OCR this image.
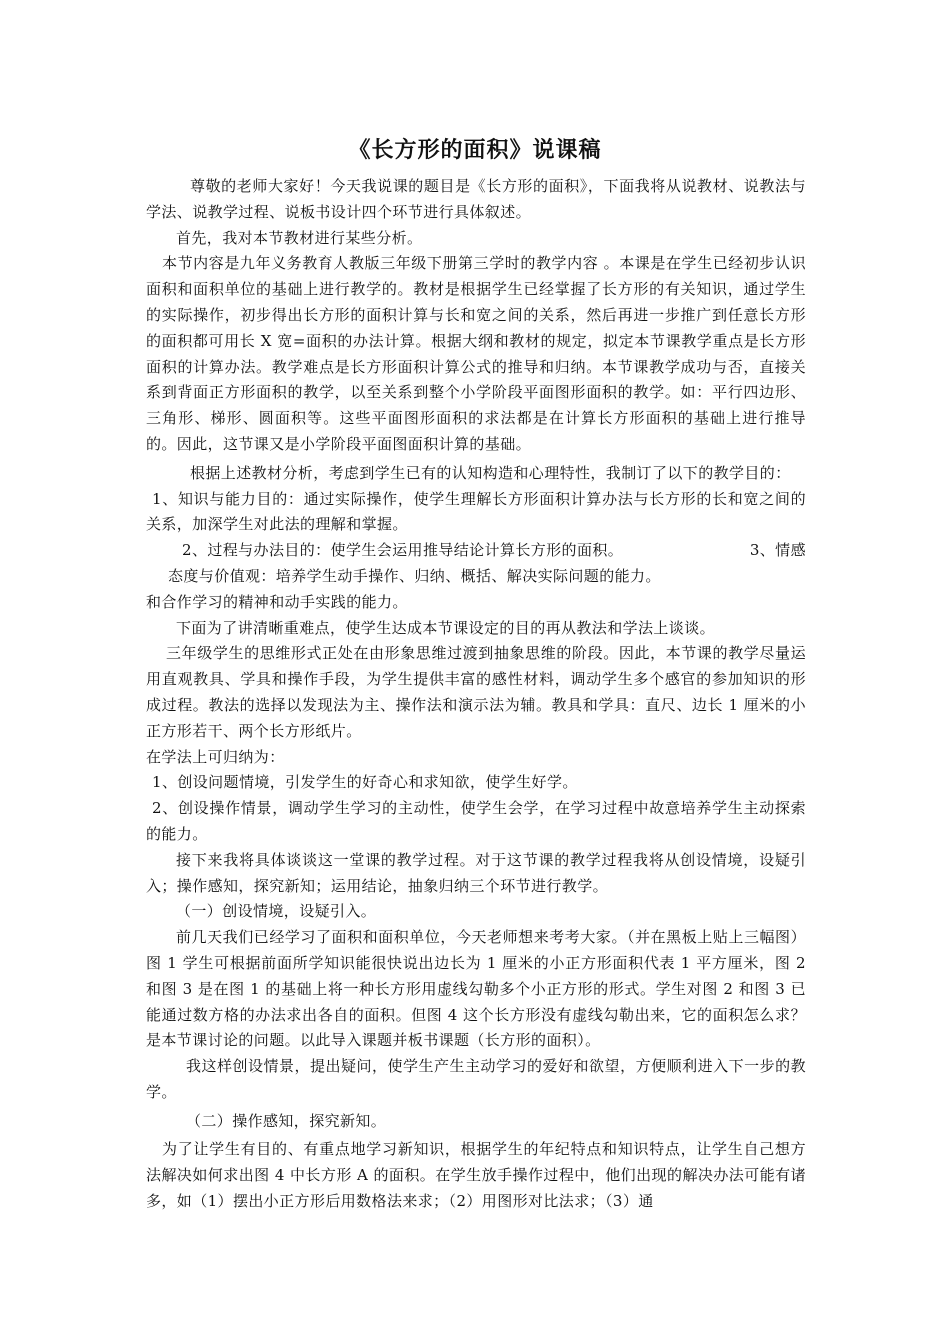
《长方形的面积》说课稿

尊敬的老师大家好！今天我说课的题目是《长方形的面积》，下面我将从说教材、说教法与学法、说教学过程、说板书设计四个环节进行具体叙述。

首先，我对本节教材进行某些分析。

本节内容是九年义务教育人教版三年级下册第三学时的教学内容 。本课是在学生已经初步认识面积和面积单位的基础上进行教学的。教材是根据学生已经掌握了长方形的有关知识，通过学生的实际操作，初步得出长方形的面积计算与长和宽之间的关系，然后再进一步推广到任意长方形的面积都可用长 X 宽=面积的办法计算。根据大纲和教材的规定，拟定本节课教学重点是长方形面积的计算办法。教学难点是长方形面积计算公式的推导和归纳。本节课教学成功与否，直接关系到背面正方形面积的教学，以至关系到整个小学阶段平面图形面积的教学。如：平行四边形、三角形、梯形、圆面积等。这些平面图形面积的求法都是在计算长方形面积的基础上进行推导的。因此，这节课又是小学阶段平面图面积计算的基础。

根据上述教材分析，考虑到学生已有的认知构造和心理特性，我制订了以下的教学目的：

1、知识与能力目的：通过实际操作，使学生理解长方形面积计算办法与长方形的长和宽之间的关系，加深学生对此法的理解和掌握。

2、过程与办法目的：使学生会运用推导结论计算长方形的面积。	3、情感

态度与价值观：培养学生动手操作、归纳、概括、解决实际问题的能力。

和合作学习的精神和动手实践的能力。

下面为了讲清晰重难点，使学生达成本节课设定的目的再从教法和学法上谈谈。

三年级学生的思维形式正处在由形象思维过渡到抽象思维的阶段。因此，本节课的教学尽量运用直观教具、学具和操作手段，为学生提供丰富的感性材料，调动学生多个感官的参加知识的形成过程。教法的选择以发现法为主、操作法和演示法为辅。教具和学具：直尺、边长 1 厘米的小正方形若干、两个长方形纸片。

在学法上可归纳为：

1、创设问题情境，引发学生的好奇心和求知欲，使学生好学。

2、创设操作情景，调动学生学习的主动性，使学生会学，在学习过程中故意培养学生主动探索的能力。

接下来我将具体谈谈这一堂课的教学过程。对于这节课的教学过程我将从创设情境，设疑引入；操作感知，探究新知；运用结论，抽象归纳三个环节进行教学。

（一）创设情境，设疑引入。

前几天我们已经学习了面积和面积单位，今天老师想来考考大家。（并在黑板上贴上三幅图）图 1 学生可根据前面所学知识能很快说出边长为 1 厘米的小正方形面积代表 1 平方厘米，图 2 和图 3 是在图 1 的基础上将一种长方形用虚线勾勒多个小正方形的形式。学生对图 2 和图 3 已能通过数方格的办法求出各自的面积。但图 4 这个长方形没有虚线勾勒出来，它的面积怎么求？是本节课讨论的问题。以此导入课题并板书课题（长方形的面积）。

我这样创设情景，提出疑问，使学生产生主动学习的爱好和欲望，方便顺利进入下一步的教学。

（二）操作感知，探究新知。

为了让学生有目的、有重点地学习新知识，根据学生的年纪特点和知识特点，让学生自己想方法解决如何求出图 4 中长方形 A 的面积。在学生放手操作过程中，他们出现的解决办法可能有诸多，如（1）摆出小正方形后用数格法来求；（2）用图形对比法求；（3）通
